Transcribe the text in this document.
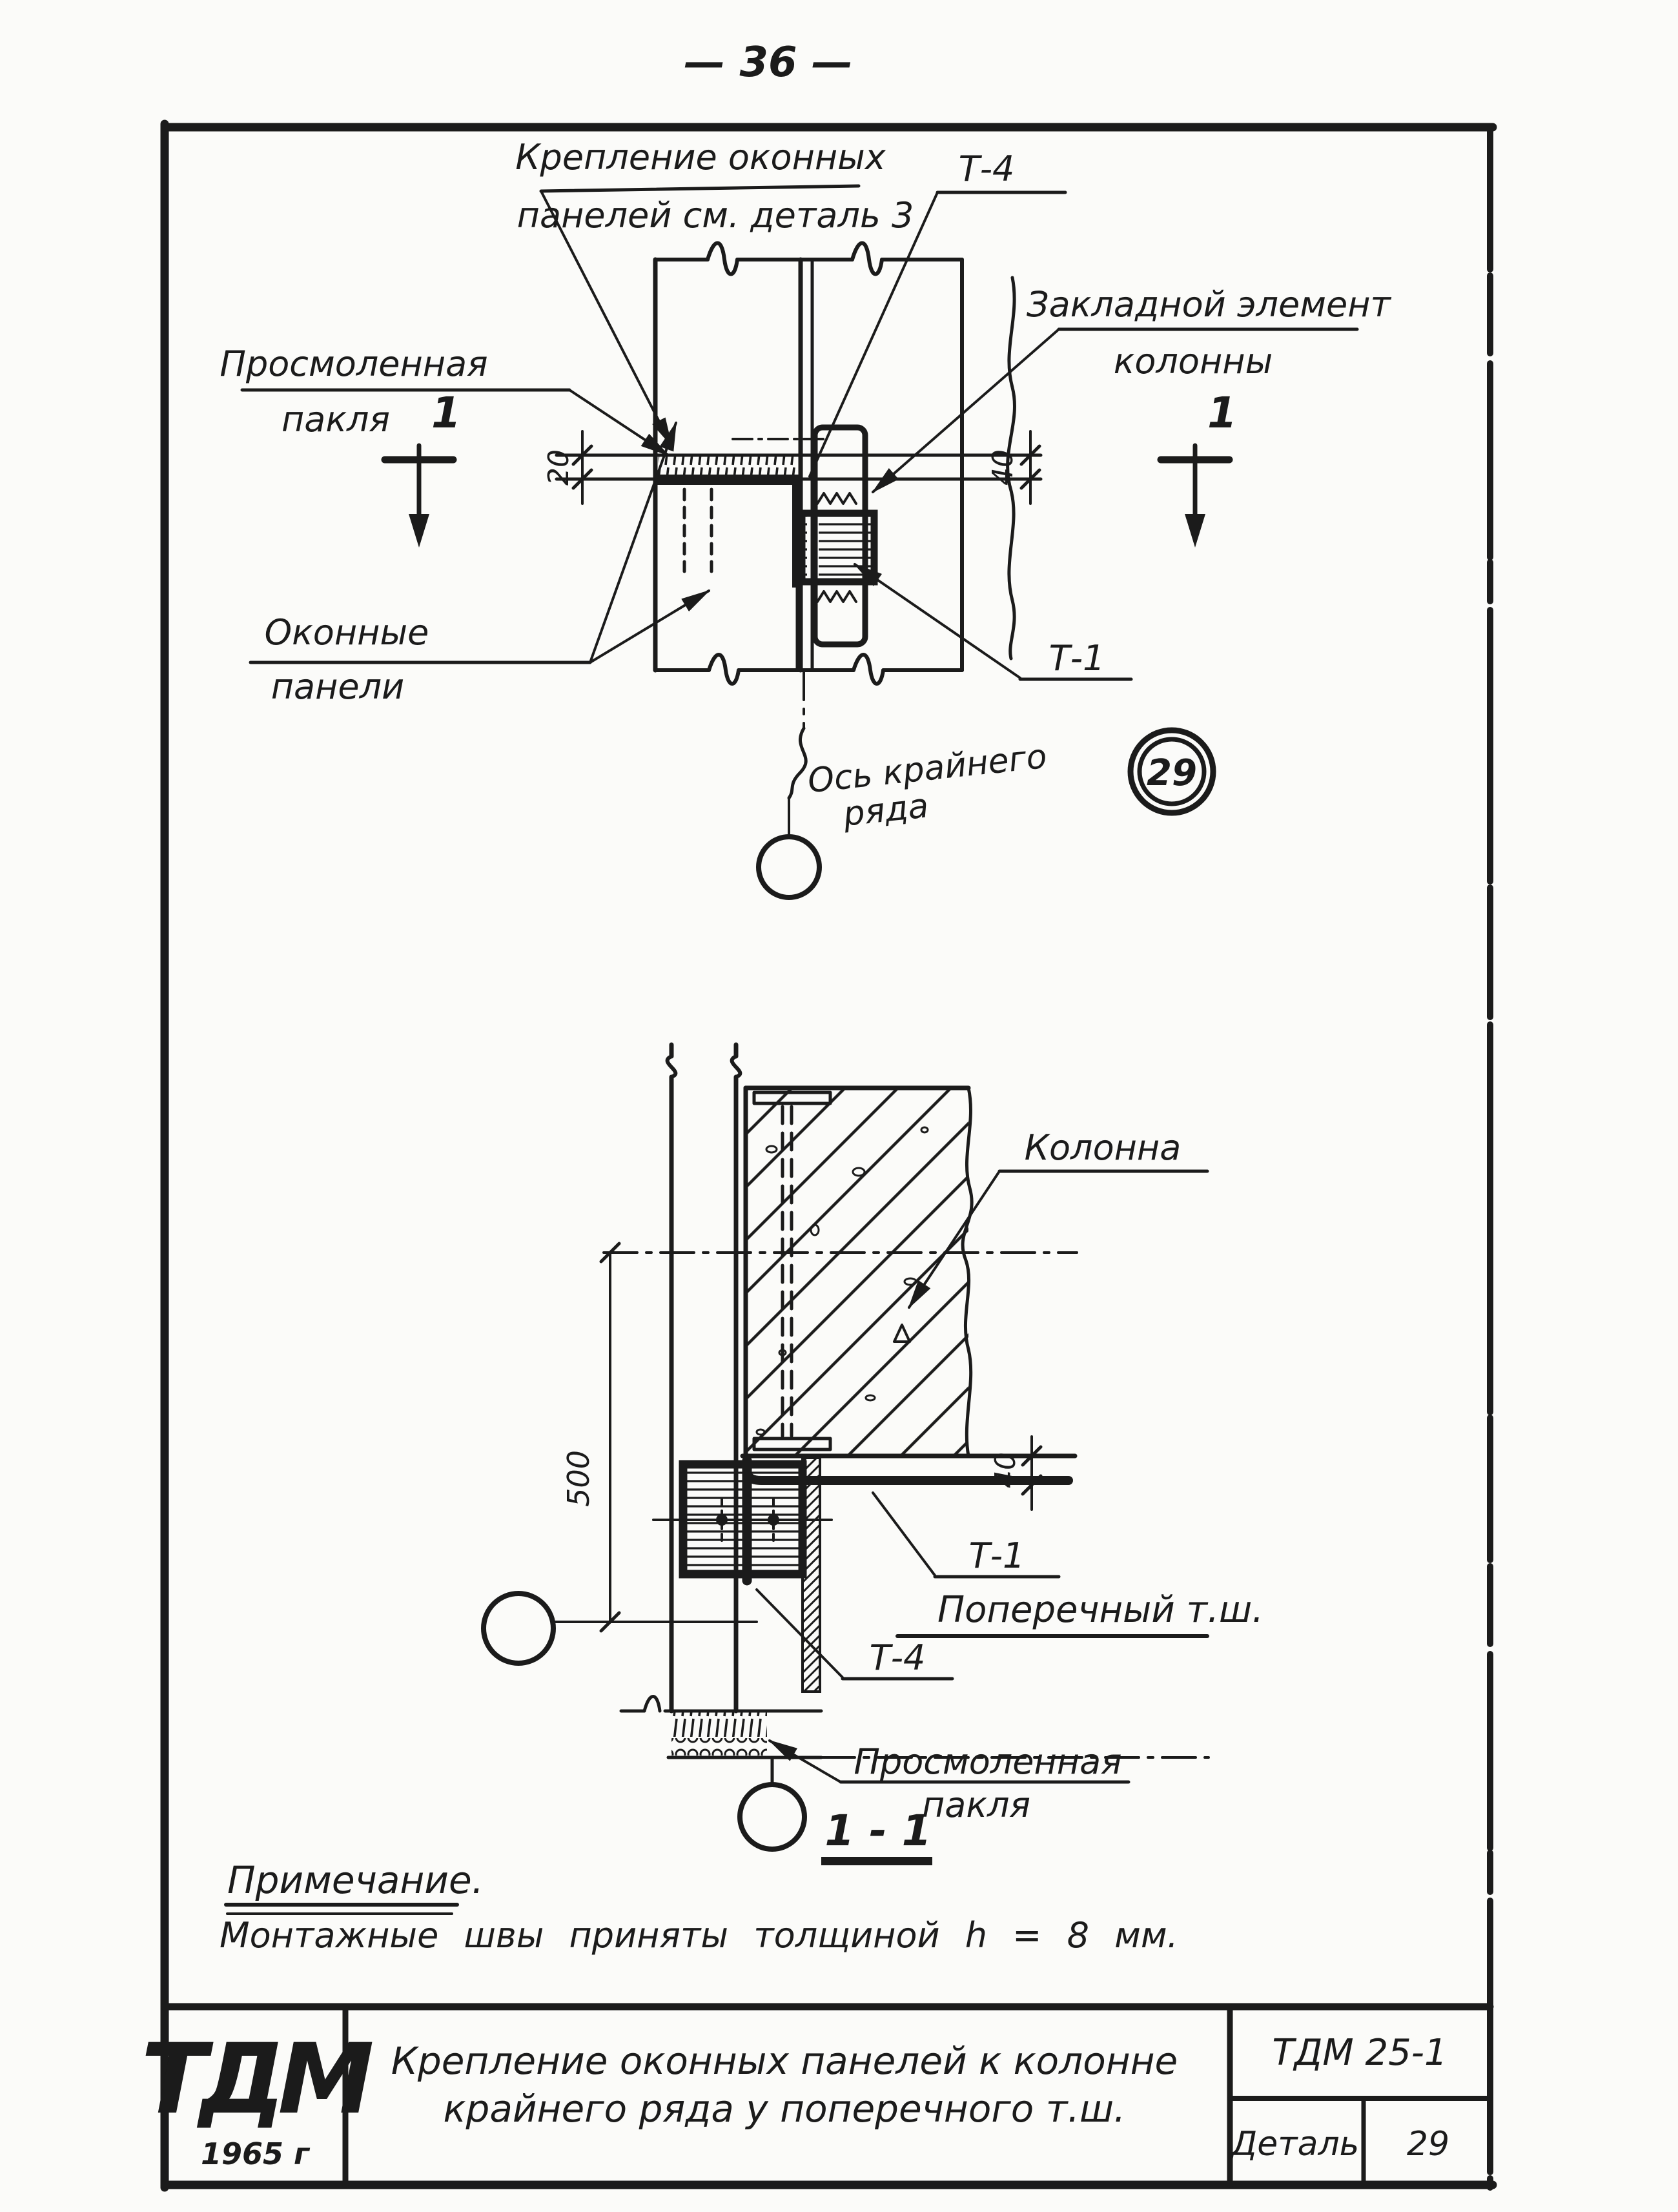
— 36 —
20	40
1	1
Крепление оконных
панелей см. деталь 3
Т-4
Закладной элемент
колонны
Просмоленная
пакля
Оконные
панели
Т-1
Ось крайнего
ряда
29
40
500
Колонна
Т-1
Т-4
Поперечный т.ш.
Просмоленная
пакля
1 - 1
Примечание.
Монтажные швы приняты толщиной h = 8 мм.
ТДМ
1965 г
Крепление оконных панелей к колонне
крайнего ряда у поперечного т.ш.
ТДМ 25-1
Деталь 29
